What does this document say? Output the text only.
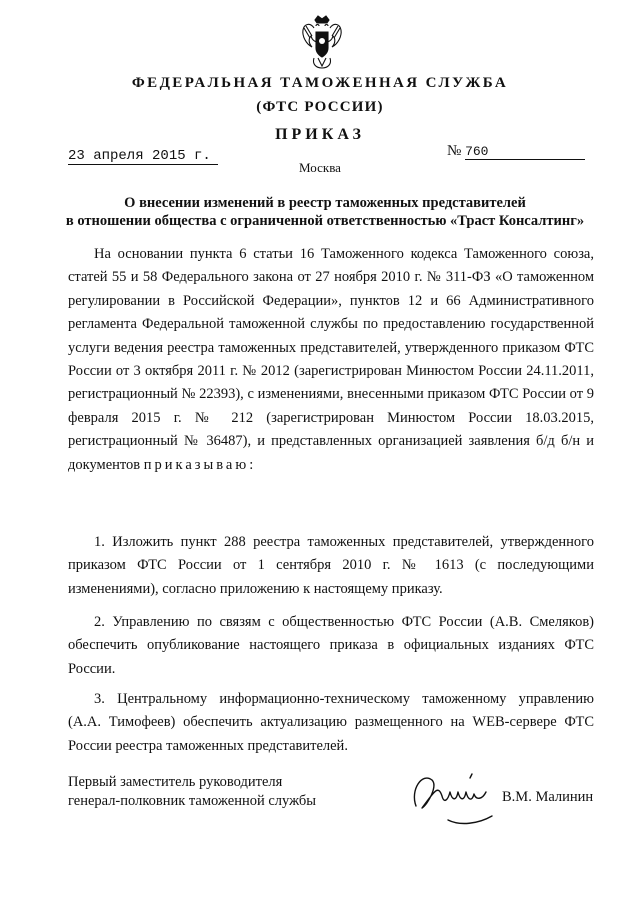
ФЕДЕРАЛЬНАЯ ТАМОЖЕННАЯ СЛУЖБА
(ФТС РОССИИ)
ПРИКАЗ
23 апреля 2015 г.	№ 760
Москва
О внесении изменений в реестр таможенных представителей
в отношении общества с ограниченной ответственностью «Траст Консалтинг»
На основании пункта 6 статьи 16 Таможенного кодекса Таможенного союза, статей 55 и 58 Федерального закона от 27 ноября 2010 г. № 311-ФЗ «О таможенном регулировании в Российской Федерации», пунктов 12 и 66 Административного регламента Федеральной таможенной службы по предоставлению государственной услуги ведения реестра таможенных представителей, утвержденного приказом ФТС России от 3 октября 2011 г. № 2012 (зарегистрирован Минюстом России 24.11.2011, регистрационный № 22393), с изменениями, внесенными приказом ФТС России от 9 февраля 2015 г. № 212 (зарегистрирован Минюстом России 18.03.2015, регистрационный № 36487), и представленных организацией заявления б/д б/н и документов приказываю:
1. Изложить пункт 288 реестра таможенных представителей, утвержденного приказом ФТС России от 1 сентября 2010 г. № 1613 (с последующими изменениями), согласно приложению к настоящему приказу.
2. Управлению по связям с общественностью ФТС России (А.В. Смеляков) обеспечить опубликование настоящего приказа в официальных изданиях ФТС России.
3. Центральному информационно-техническому таможенному управлению (А.А. Тимофеев) обеспечить актуализацию размещенного на WEB-сервере ФТС России реестра таможенных представителей.
Первый заместитель руководителя
генерал-полковник таможенной службы	В.М. Малинин
